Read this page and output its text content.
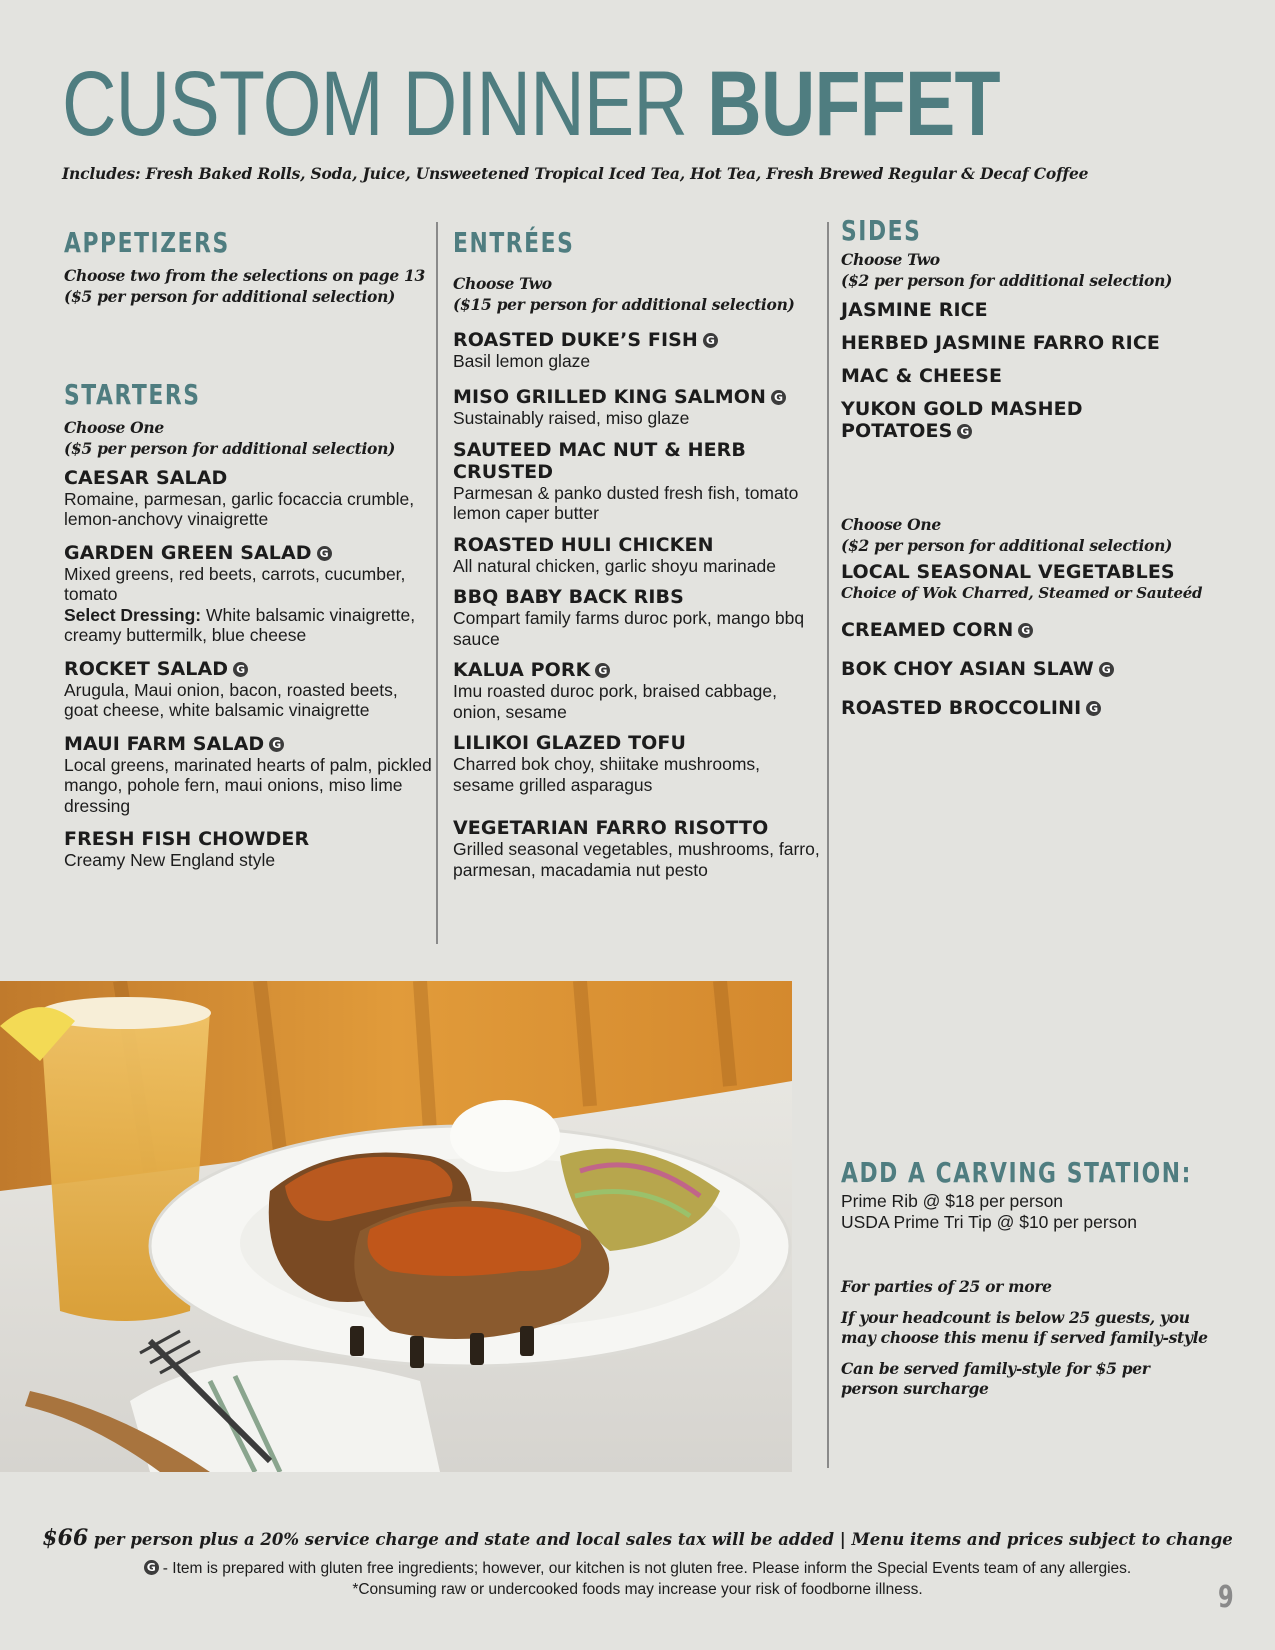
CUSTOM DINNER BUFFET
Includes: Fresh Baked Rolls, Soda, Juice, Unsweetened Tropical Iced Tea, Hot Tea, Fresh Brewed Regular & Decaf Coffee
APPETIZERS
Choose two from the selections on page 13
($5 per person for additional selection)
STARTERS
Choose One
($5 per person for additional selection)
CAESAR SALAD
Romaine, parmesan, garlic focaccia crumble, lemon-anchovy vinaigrette
GARDEN GREEN SALAD G
Mixed greens, red beets, carrots, cucumber, tomato
Select Dressing: White balsamic vinaigrette, creamy buttermilk, blue cheese
ROCKET SALAD G
Arugula, Maui onion, bacon, roasted beets, goat cheese, white balsamic vinaigrette
MAUI FARM SALAD G
Local greens, marinated hearts of palm, pickled mango, pohole fern, maui onions, miso lime dressing
FRESH FISH CHOWDER
Creamy New England style
ENTRÉES
Choose Two
($15 per person for additional selection)
ROASTED DUKE’S FISH G
Basil lemon glaze
MISO GRILLED KING SALMON G
Sustainably raised, miso glaze
SAUTEED MAC NUT & HERB CRUSTED
Parmesan & panko dusted fresh fish, tomato lemon caper butter
ROASTED HULI CHICKEN
All natural chicken, garlic shoyu marinade
BBQ BABY BACK RIBS
Compart family farms duroc pork, mango bbq sauce
KALUA PORK G
Imu roasted duroc pork, braised cabbage, onion, sesame
LILIKOI GLAZED TOFU
Charred bok choy, shiitake mushrooms, sesame grilled asparagus
VEGETARIAN FARRO RISOTTO
Grilled seasonal vegetables, mushrooms, farro, parmesan, macadamia nut pesto
SIDES
Choose Two
($2 per person for additional selection)
JASMINE RICE
HERBED JASMINE FARRO RICE
MAC & CHEESE
YUKON GOLD MASHED POTATOES G
Choose One
($2 per person for additional selection)
LOCAL SEASONAL VEGETABLES
Choice of Wok Charred, Steamed or Sauteéd
CREAMED CORN G
BOK CHOY ASIAN SLAW G
ROASTED BROCCOLINI G
ADD A CARVING STATION:
Prime Rib @ $18 per person
USDA Prime Tri Tip @ $10 per person
For parties of 25 or more
If your headcount is below 25 guests, you may choose this menu if served family-style
Can be served family-style for $5 per person surcharge
$66 per person plus a 20% service charge and state and local sales tax will be added | Menu items and prices subject to change
G - Item is prepared with gluten free ingredients; however, our kitchen is not gluten free. Please inform the Special Events team of any allergies.
*Consuming raw or undercooked foods may increase your risk of foodborne illness.	9
